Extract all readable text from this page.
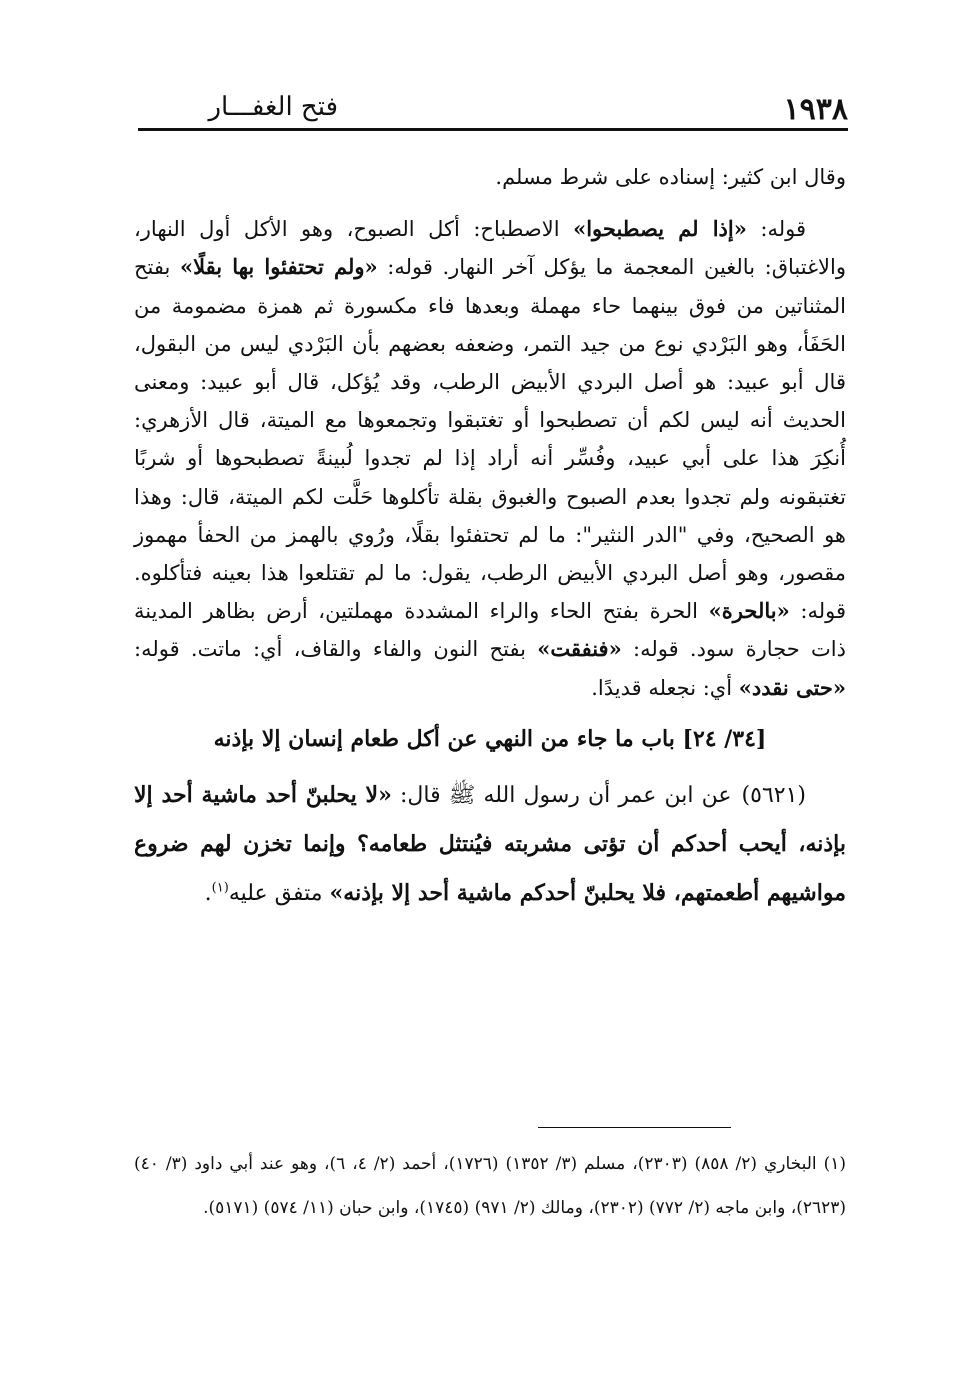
١٩٣٨
فتح الغفـــار

وقال ابن كثير: إسناده على شرط مسلم.

قوله: «إذا لم يصطبحوا» الاصطباح: أكل الصبوح، وهو الأكل أول النهار، والاغتباق: بالغين المعجمة ما يؤكل آخر النهار. قوله: «ولم تحتفئوا بها بقلًا» بفتح المثناتين من فوق بينهما حاء مهملة وبعدها فاء مكسورة ثم همزة مضمومة من الحَفَأ، وهو البَرْدي نوع من جيد التمر، وضعفه بعضهم بأن البَرْدي ليس من البقول، قال أبو عبيد: هو أصل البردي الأبيض الرطب، وقد يُؤكل، قال أبو عبيد: ومعنى الحديث أنه ليس لكم أن تصطبحوا أو تغتبقوا وتجمعوها مع الميتة، قال الأزهري: أُنكِرَ هذا على أبي عبيد، وفُسِّر أنه أراد إذا لم تجدوا لُبينةً تصطبحوها أو شربًا تغتبقونه ولم تجدوا بعدم الصبوح والغبوق بقلة تأكلوها حَلَّت لكم الميتة، قال: وهذا هو الصحيح، وفي "الدر النثير": ما لم تحتفئوا بقلًا، ورُوي بالهمز من الحفأ مهموز مقصور، وهو أصل البردي الأبيض الرطب، يقول: ما لم تقتلعوا هذا بعينه فتأكلوه. قوله: «بالحرة» الحرة بفتح الحاء والراء المشددة مهملتين، أرض بظاهر المدينة ذات حجارة سود. قوله: «فنفقت» بفتح النون والفاء والقاف، أي: ماتت. قوله: «حتى نقدد» أي: نجعله قديدًا.

[٣٤/ ٢٤] باب ما جاء من النهي عن أكل طعام إنسان إلا بإذنه

(٥٦٢١)عن ابن عمر أن رسول الله ﷺ قال: «لا يحلبنّ أحد ماشية أحد إلا بإذنه، أيحب أحدكم أن تؤتى مشربته فيُنتثل طعامه؟ وإنما تخزن لهم ضروع مواشيهم أطعمتهم، فلا يحلبنّ أحدكم ماشية أحد إلا بإذنه» متفق عليه$^{(١)}$.

(١) البخاري (٢/ ٨٥٨) (٢٣٠٣)، مسلم (٣/ ١٣٥٢) (١٧٢٦)، أحمد (٢/ ٤، ٦)، وهو عند أبي داود (٣/ ٤٠) (٢٦٢٣)، وابن ماجه (٢/ ٧٧٢) (٢٣٠٢)، ومالك (٢/ ٩٧١) (١٧٤٥)، وابن حبان (١١/ ٥٧٤) (٥١٧١).
